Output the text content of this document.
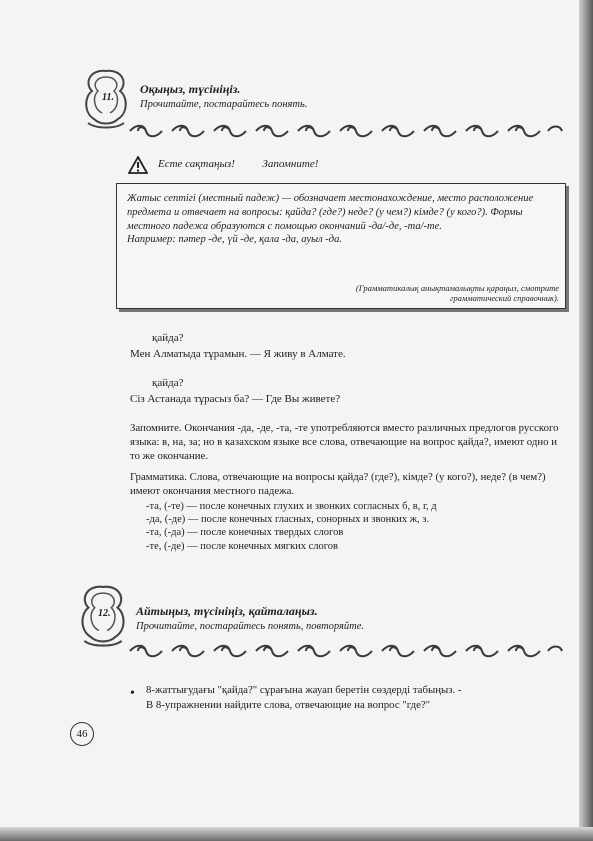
11.
Оқыңыз, түсініңіз.
Прочитайте, постарайтесь понять.
Есте сақтаңыз!	Запомните!
Жатыс септігі (местный падеж) — обозначает местонахождение, место расположение предмета и отвечает на вопросы: қайда? (где?) неде? (у чем?) кімде? (у кого?). Формы местного падежа образуются с помощью окончаний -да/-де, -та/-те.
Например: пәтер -де, үй -де, қала -да, ауыл -да.
(Грамматикалық анықтамалықты қараңыз, смотрите грамматический справочник).
қайда?
Мен Алматыда тұрамын. — Я живу в Алмате.
қайда?
Сіз Астанада тұрасыз ба? — Где Вы живете?
Запомните. Окончания -да, -де, -та, -те употребляются вместо различных предлогов русского языка: в, на, за; но в казахском языке все слова, отвечающие на вопрос қайда?, имеют одно и то же окончание.
Грамматика. Слова, отвечающие на вопросы қайда? (где?), кімде? (у кого?), неде? (в чем?) имеют окончания местного падежа.
-та, (-те) — после конечных глухих и звонких согласных б, в, г, д
-да, (-де) — после конечных гласных, сонорных и звонких ж, з.
-та, (-да) — после конечных твердых слогов
-те, (-де) — после конечных мягких слогов
12. Айтыңыз, түсініңіз, қайталаңыз.
Прочитайте, постарайтесь понять, повторяйте.
• 8-жаттығудағы "қайда?" сұрағына жауап беретін сөздерді табыңыз. -
В 8-упражнении найдите слова, отвечающие на вопрос "где?"
46
